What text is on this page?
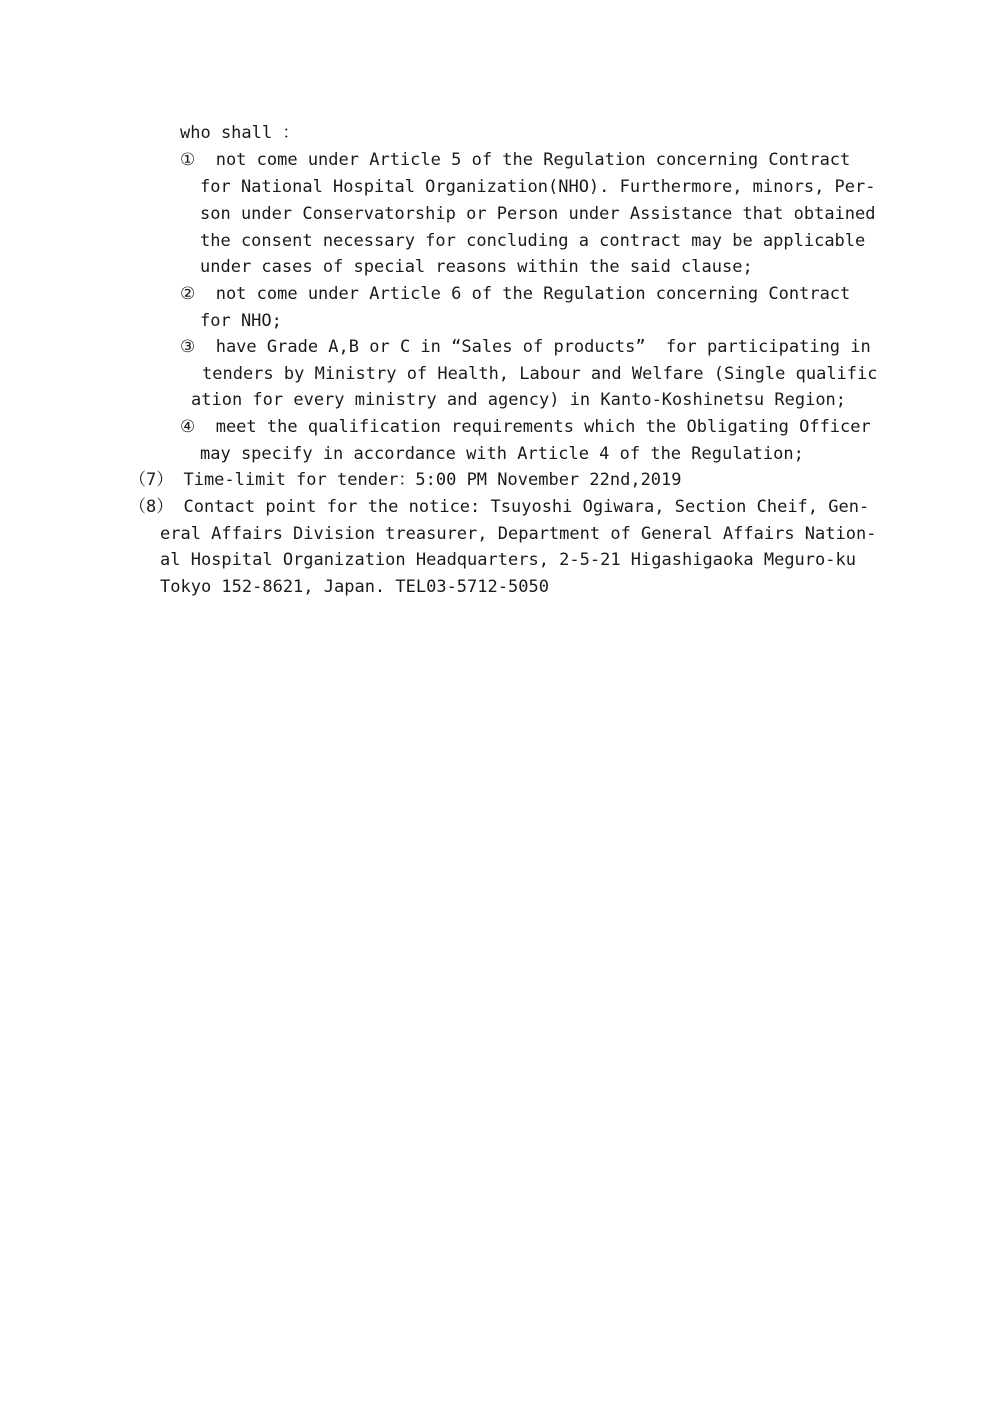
who shall ：

①  not come under Article 5 of the Regulation concerning Contract

for National Hospital Organization(NHO). Furthermore, minors, Per-

son under Conservatorship or Person under Assistance that obtained

the consent necessary for concluding a contract may be applicable

under cases of special reasons within the said clause;

②  not come under Article 6 of the Regulation concerning Contract

for NHO;

③  have Grade A,B or C in “Sales of products”  for participating in

tenders by Ministry of Health, Labour and Welfare (Single qualific

ation for every ministry and agency) in Kanto-Koshinetsu Region;

④  meet the qualification requirements which the Obligating Officer

may specify in accordance with Article 4 of the Regulation;

（7） Time-limit for tender：5:00 PM November 22nd,2019

（8） Contact point for the notice: Tsuyoshi Ogiwara, Section Cheif, Gen-

eral Affairs Division treasurer, Department of General Affairs Nation-

al Hospital Organization Headquarters, 2-5-21 Higashigaoka Meguro-ku

Tokyo 152-8621, Japan. TEL03-5712-5050
